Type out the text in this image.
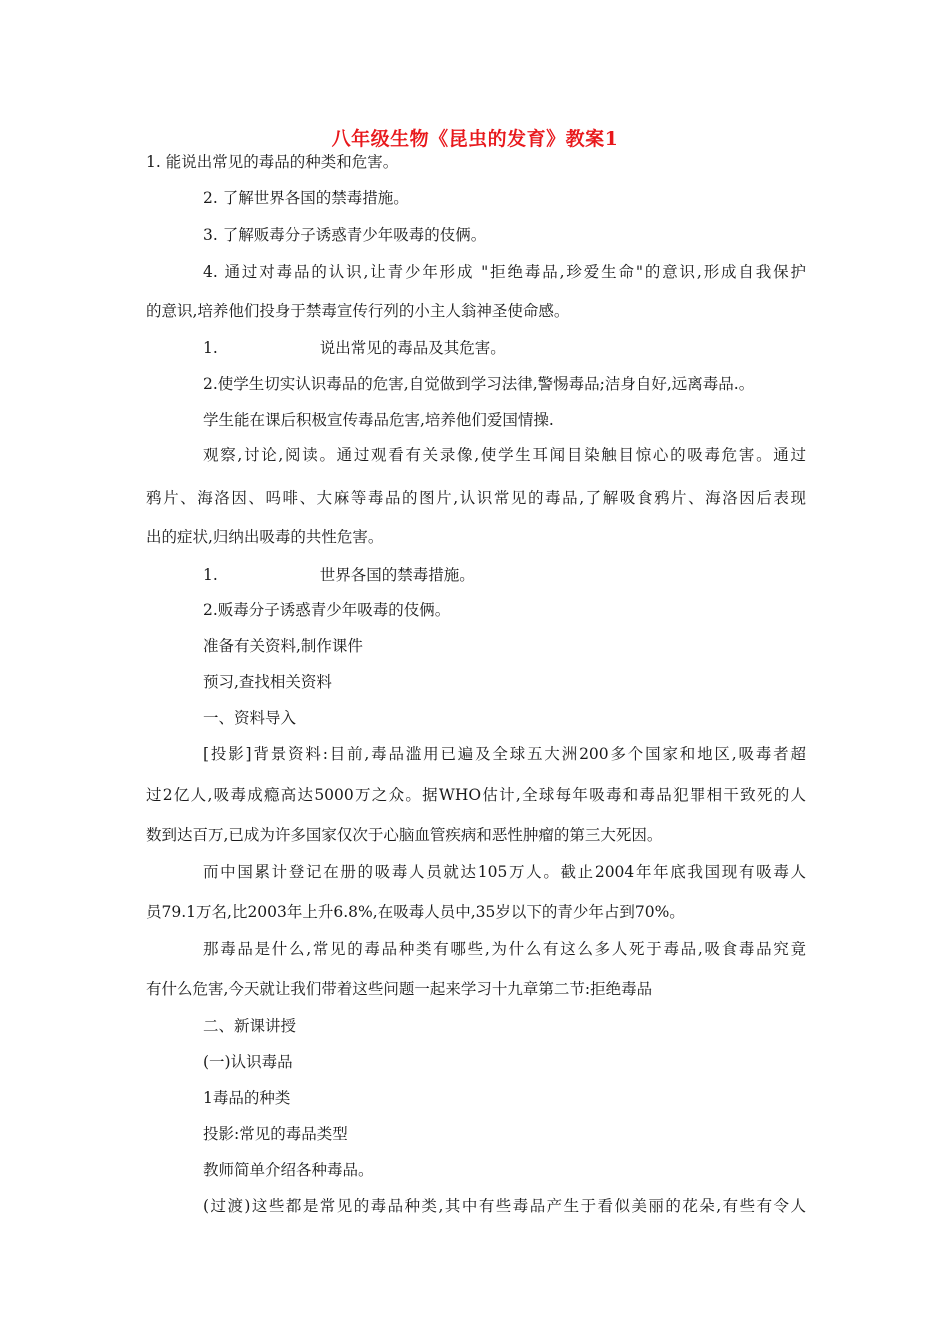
八年级生物《昆虫的发育》教案1
1. 能说出常见的毒品的种类和危害。
2. 了解世界各国的禁毒措施。
3. 了解贩毒分子诱惑青少年吸毒的伎俩。
4. 通过对毒品的认识,让青少年形成 "拒绝毒品,珍爱生命"的意识,形成自我保护
的意识,培养他们投身于禁毒宣传行列的小主人翁神圣使命感。
1.	说出常见的毒品及其危害。
2.使学生切实认识毒品的危害,自觉做到学习法律,警惕毒品;洁身自好,远离毒品.。
学生能在课后积极宣传毒品危害,培养他们爱国情操.
观察,讨论,阅读。通过观看有关录像,使学生耳闻目染触目惊心的吸毒危害。通过
鸦片、海洛因、吗啡、大麻等毒品的图片,认识常见的毒品,了解吸食鸦片、海洛因后表现
出的症状,归纳出吸毒的共性危害。
1.	世界各国的禁毒措施。
2.贩毒分子诱惑青少年吸毒的伎俩。
准备有关资料,制作课件
预习,查找相关资料
一、资料导入
[投影]背景资料:目前,毒品滥用已遍及全球五大洲200多个国家和地区,吸毒者超
过2亿人,吸毒成瘾高达5000万之众。据WHO估计,全球每年吸毒和毒品犯罪相干致死的人
数到达百万,已成为许多国家仅次于心脑血管疾病和恶性肿瘤的第三大死因。
而中国累计登记在册的吸毒人员就达105万人。截止2004年年底我国现有吸毒人
员79.1万名,比2003年上升6.8%,在吸毒人员中,35岁以下的青少年占到70%。
那毒品是什么,常见的毒品种类有哪些,为什么有这么多人死于毒品,吸食毒品究竟
有什么危害,今天就让我们带着这些问题一起来学习十九章第二节:拒绝毒品
二、新课讲授
(一)认识毒品
1毒品的种类
投影:常见的毒品类型
教师简单介绍各种毒品。
(过渡)这些都是常见的毒品种类,其中有些毒品产生于看似美丽的花朵,有些有令人
